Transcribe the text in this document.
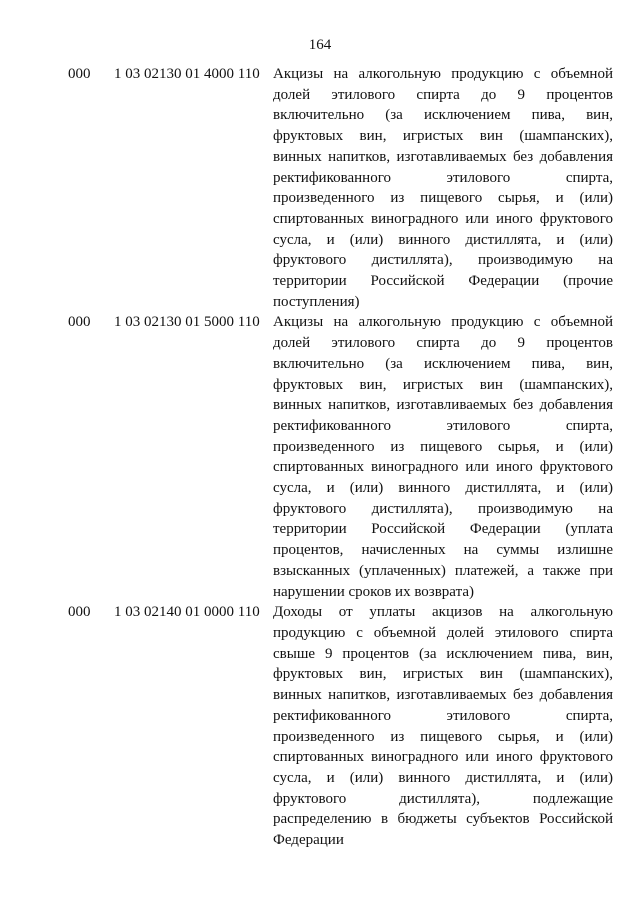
164
000	1 03 02130 01 4000 110 Акцизы на алкогольную продукцию с объемной долей этилового спирта до 9 процентов включительно (за исключением пива, вин, фруктовых вин, игристых вин (шампанских), винных напитков, изготавливаемых без добавления ректификованного этилового спирта, произведенного из пищевого сырья, и (или) спиртованных виноградного или иного фруктового сусла, и (или) винного дистиллята, и (или) фруктового дистиллята), производимую на территории Российской Федерации (прочие поступления)
000	1 03 02130 01 5000 110 Акцизы на алкогольную продукцию с объемной долей этилового спирта до 9 процентов включительно (за исключением пива, вин, фруктовых вин, игристых вин (шампанских), винных напитков, изготавливаемых без добавления ректификованного этилового спирта, произведенного из пищевого сырья, и (или) спиртованных виноградного или иного фруктового сусла, и (или) винного дистиллята, и (или) фруктового дистиллята), производимую на территории Российской Федерации (уплата процентов, начисленных на суммы излишне взысканных (уплаченных) платежей, а также при нарушении сроков их возврата)
000	1 03 02140 01 0000 110 Доходы от уплаты акцизов на алкогольную продукцию с объемной долей этилового спирта свыше 9 процентов (за исключением пива, вин, фруктовых вин, игристых вин (шампанских), винных напитков, изготавливаемых без добавления ректификованного этилового спирта, произведенного из пищевого сырья, и (или) спиртованных виноградного или иного фруктового сусла, и (или) винного дистиллята, и (или) фруктового дистиллята), подлежащие распределению в бюджеты субъектов Российской Федерации
